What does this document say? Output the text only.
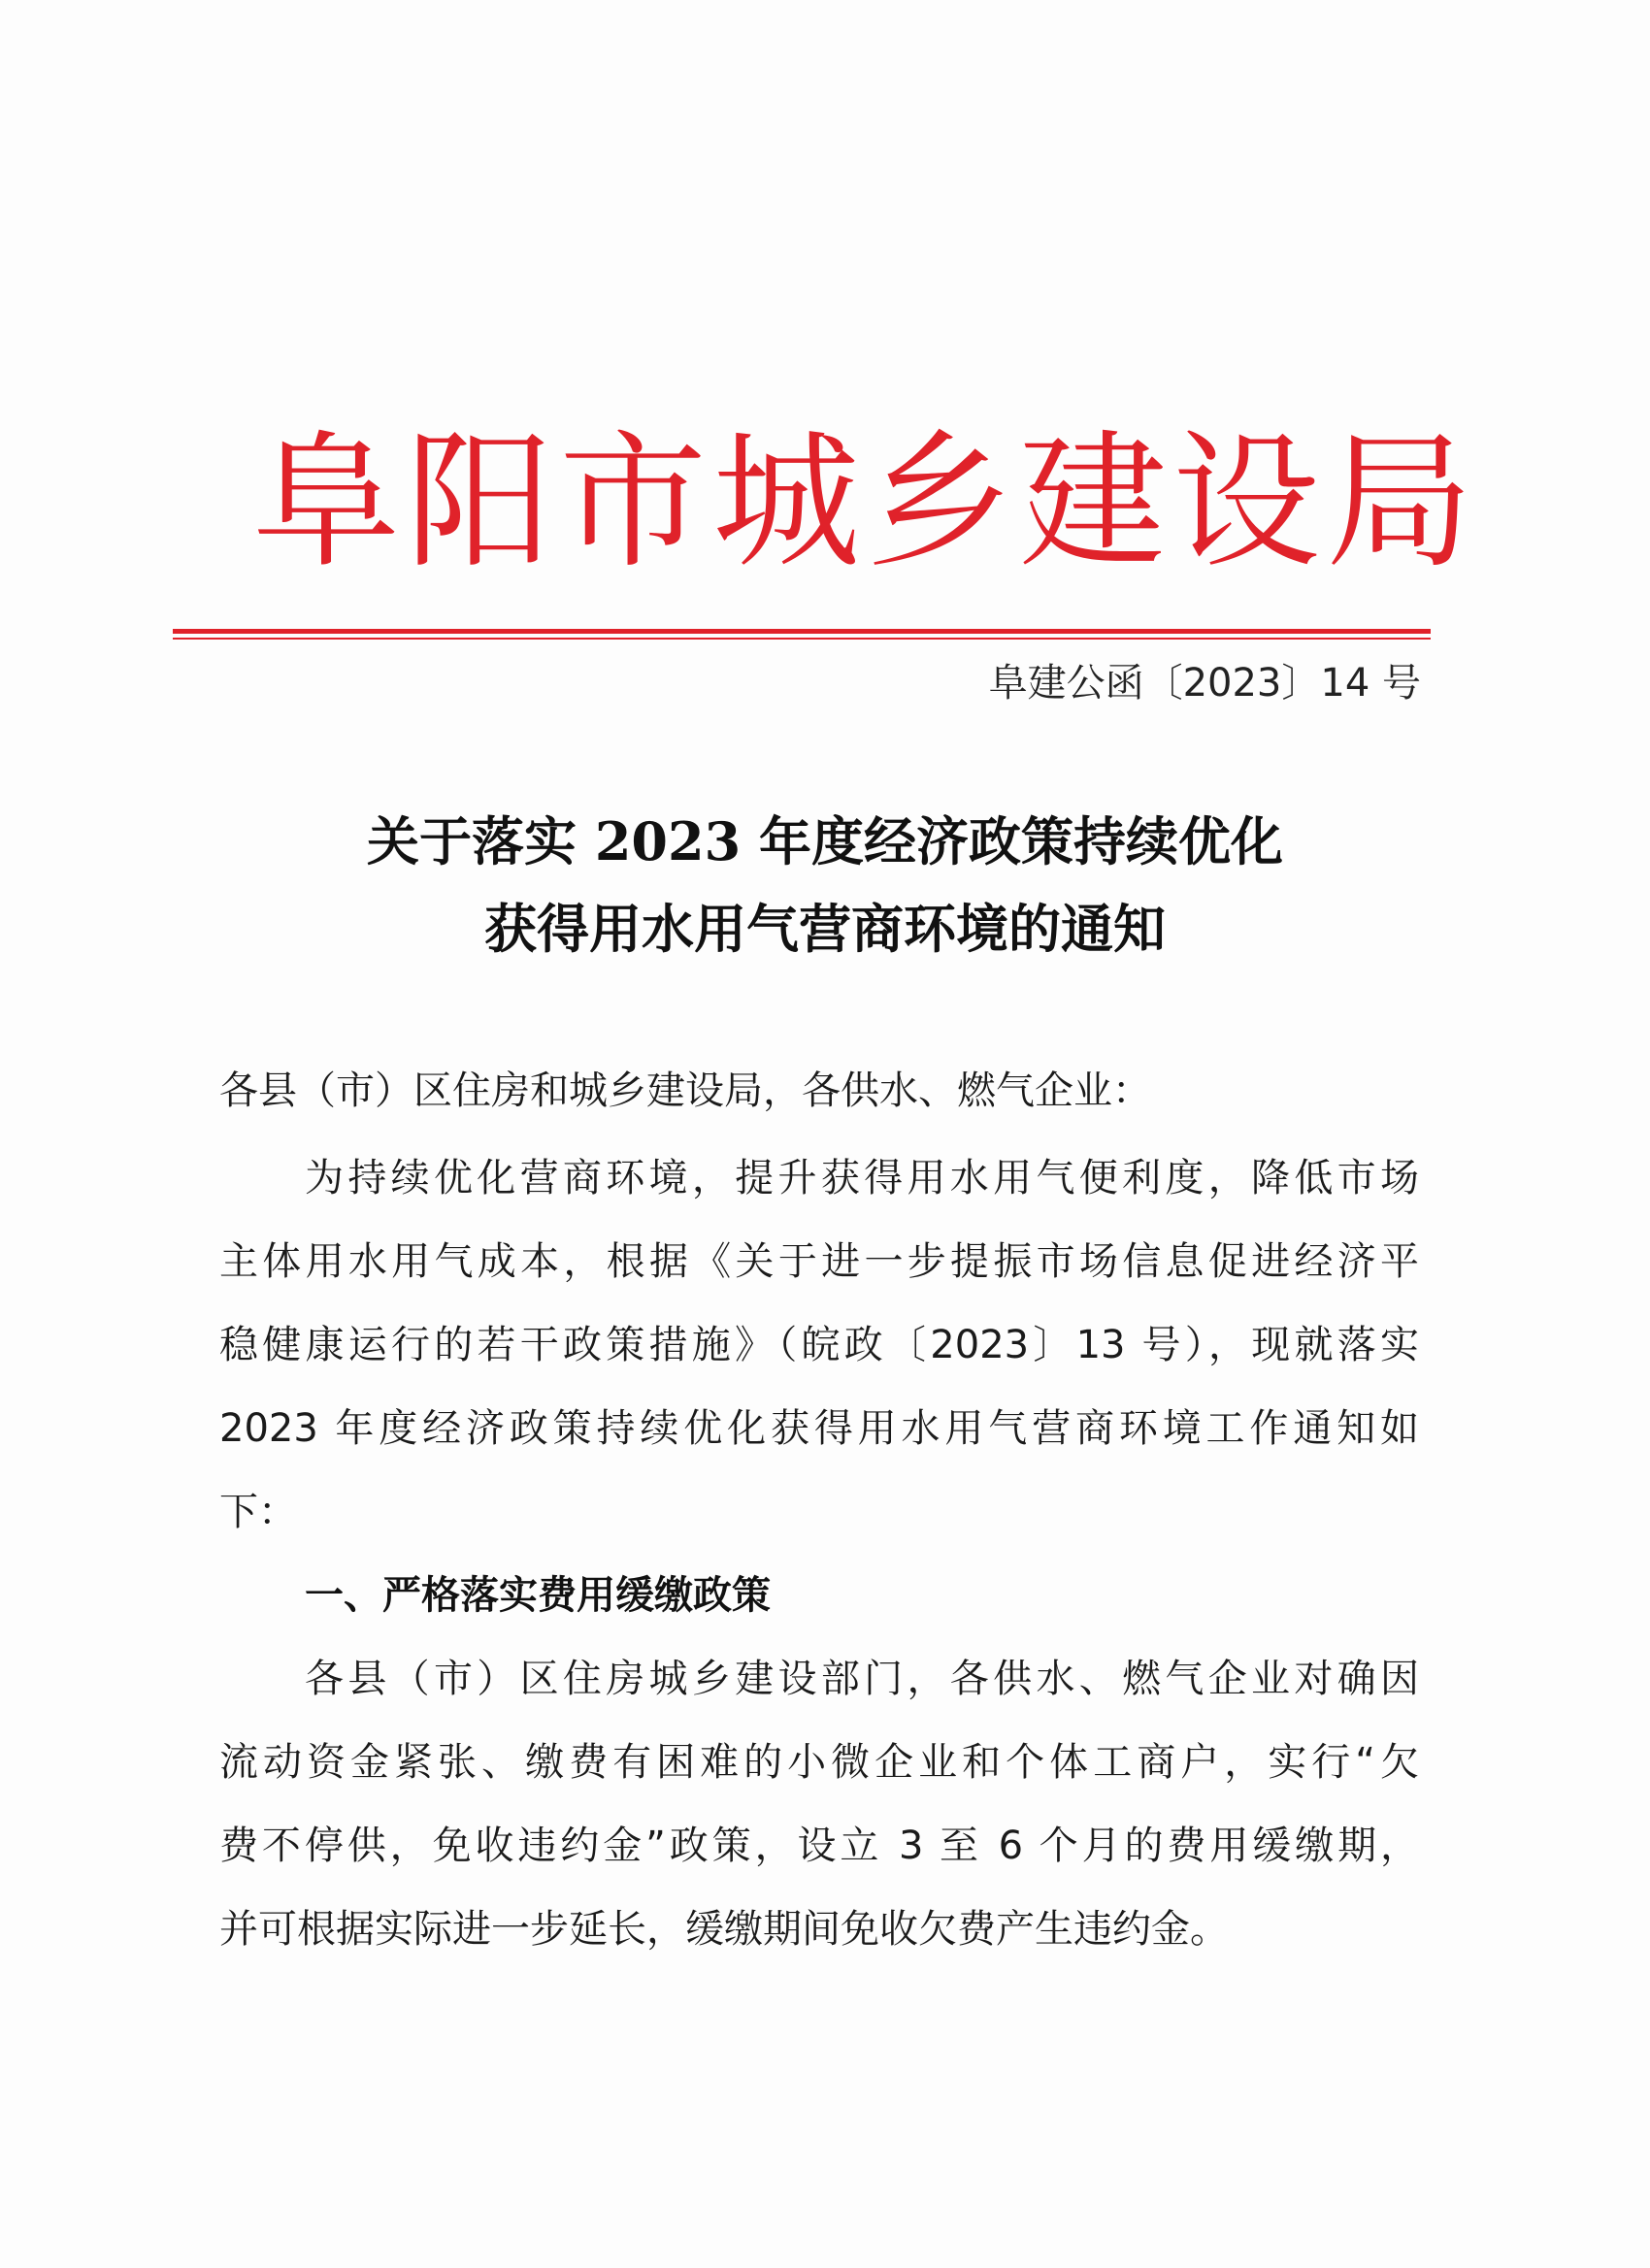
阜阳市城乡建设局
阜建公函〔2023〕14 号
关于落实 2023 年度经济政策持续优化
获得用水用气营商环境的通知
各县（市）区住房和城乡建设局，各供水、燃气企业：
为持续优化营商环境，提升获得用水用气便利度，降低市场
主体用水用气成本，根据《关于进一步提振市场信息促进经济平
稳健康运行的若干政策措施》（皖政〔2023〕13 号），现就落实
2023 年度经济政策持续优化获得用水用气营商环境工作通知如
下：
一、严格落实费用缓缴政策
各县（市）区住房城乡建设部门，各供水、燃气企业对确因
流动资金紧张、缴费有困难的小微企业和个体工商户，实行“欠
费不停供，免收违约金”政策，设立 3 至 6 个月的费用缓缴期，
并可根据实际进一步延长，缓缴期间免收欠费产生违约金。
